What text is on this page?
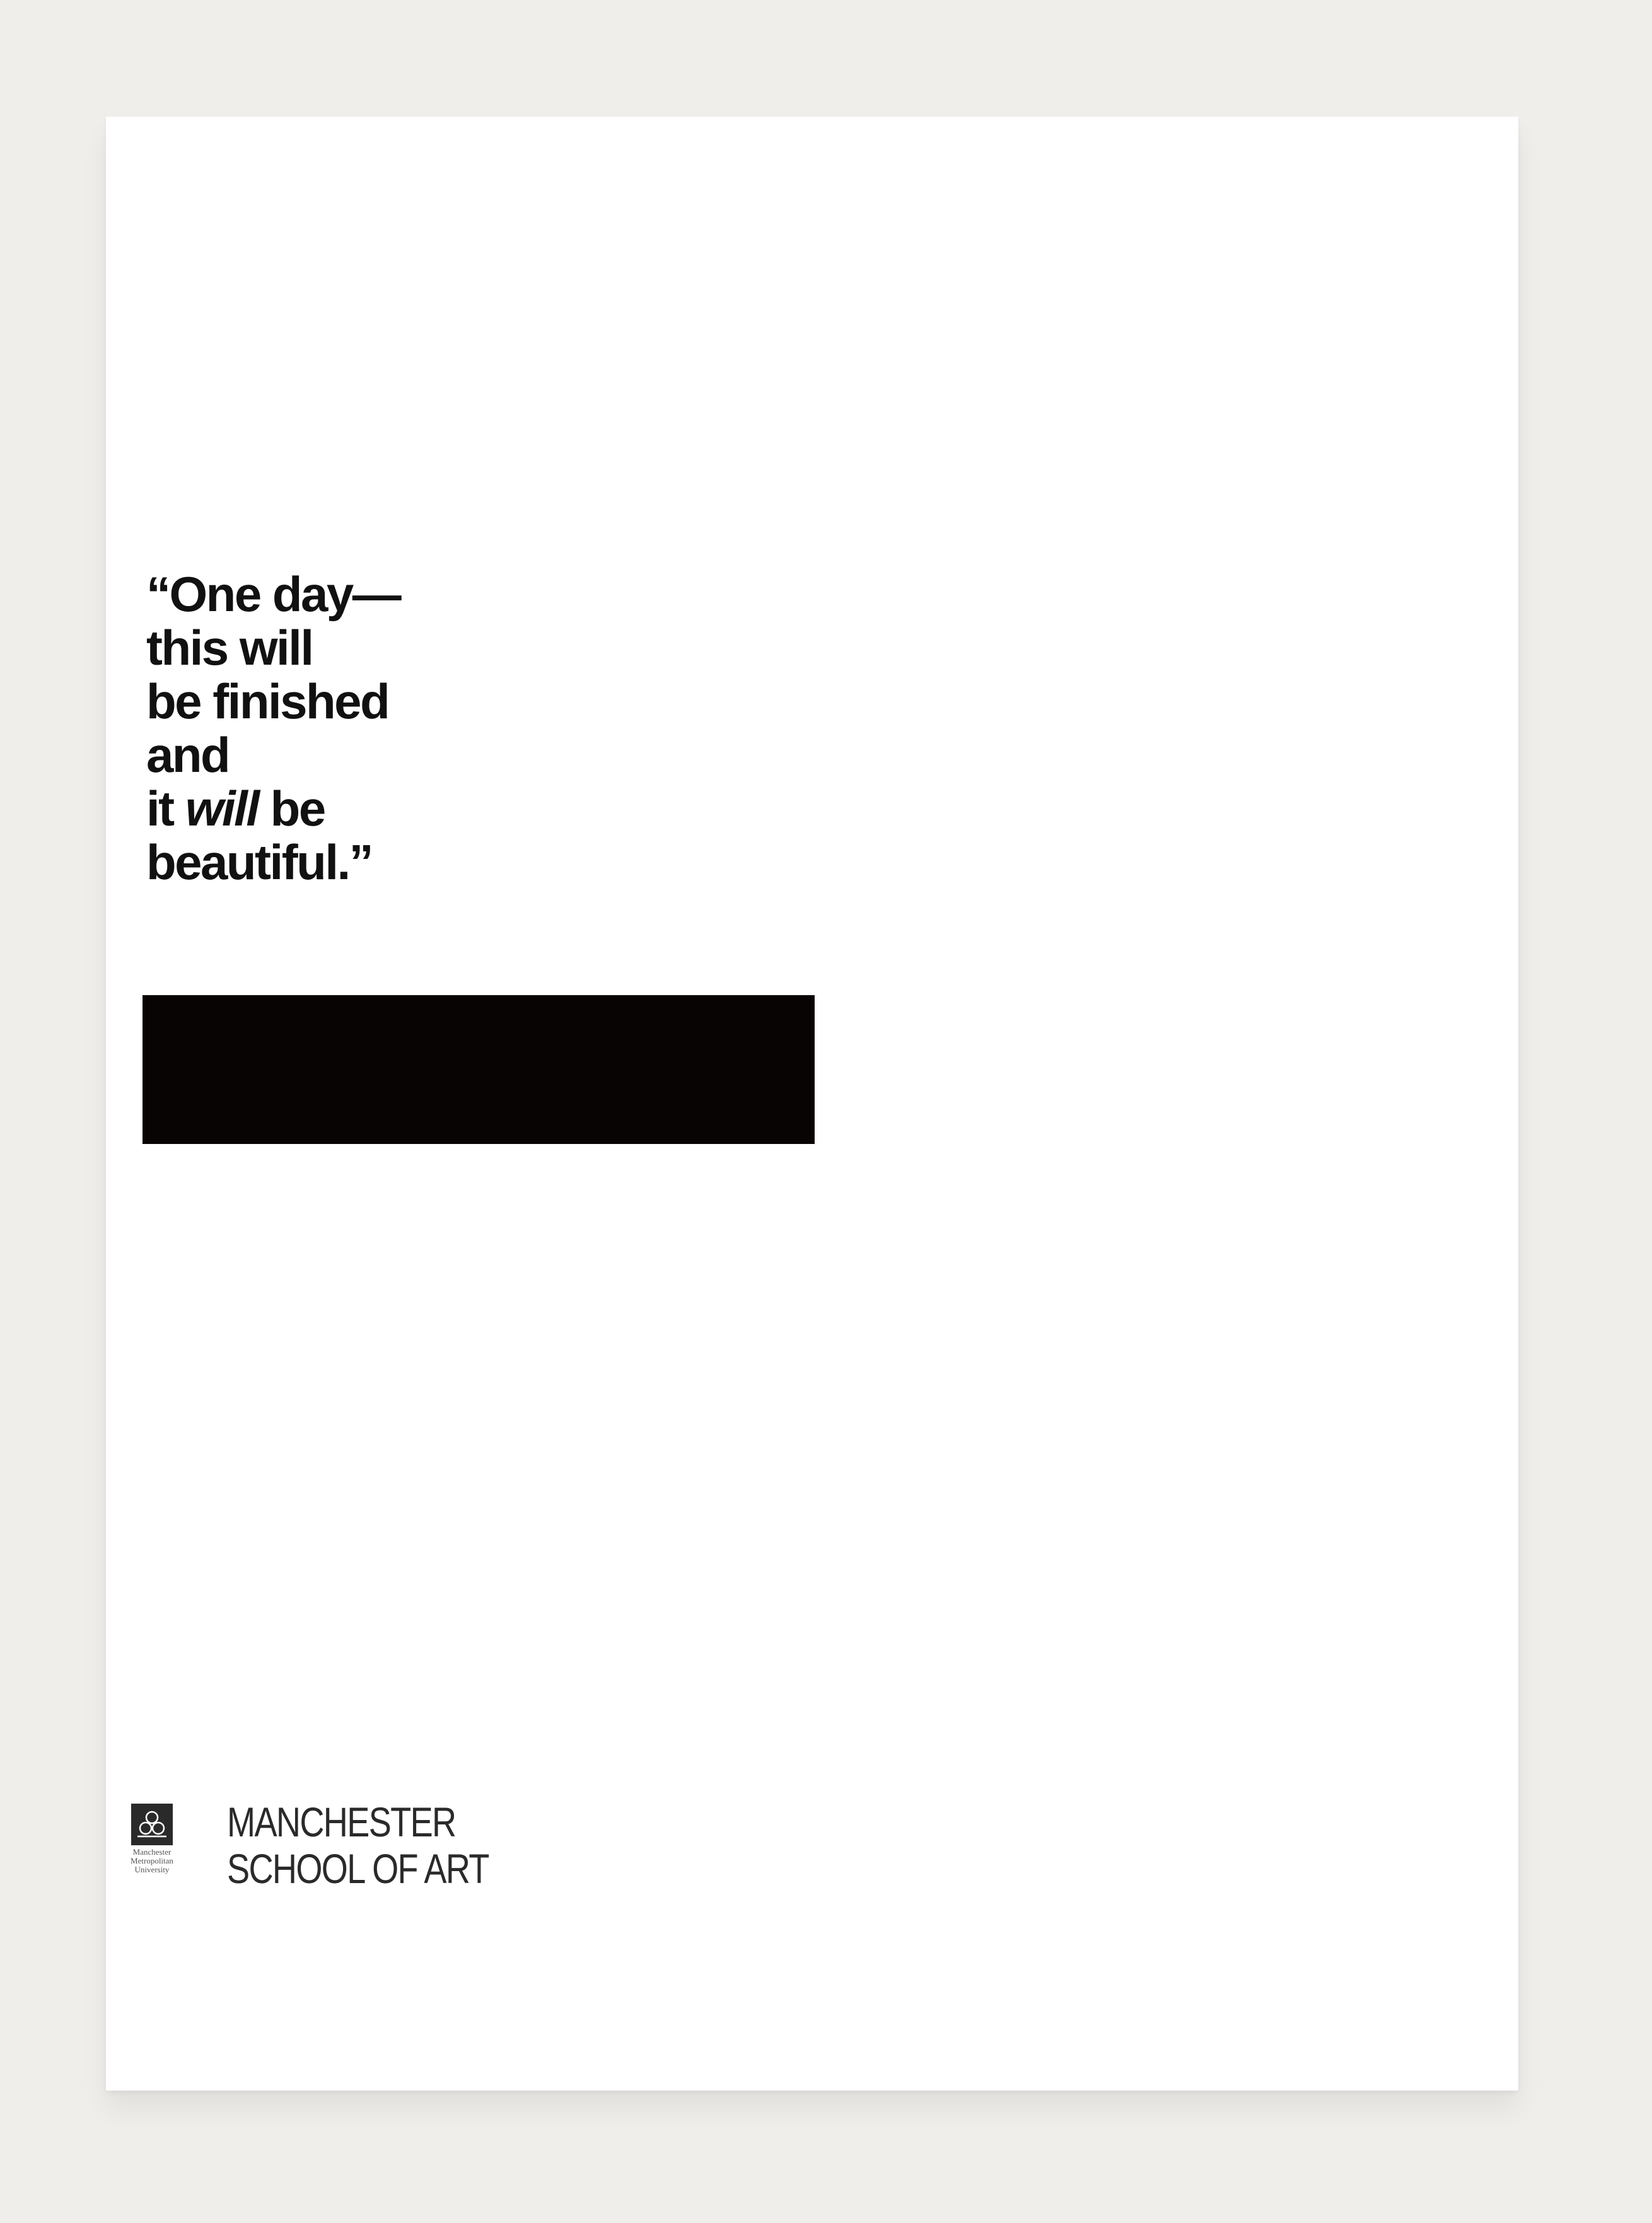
“One day—
this will
be finished
and
it will be
beautiful.”
Manchester
Metropolitan
University
MANCHESTER
SCHOOL OF ART
